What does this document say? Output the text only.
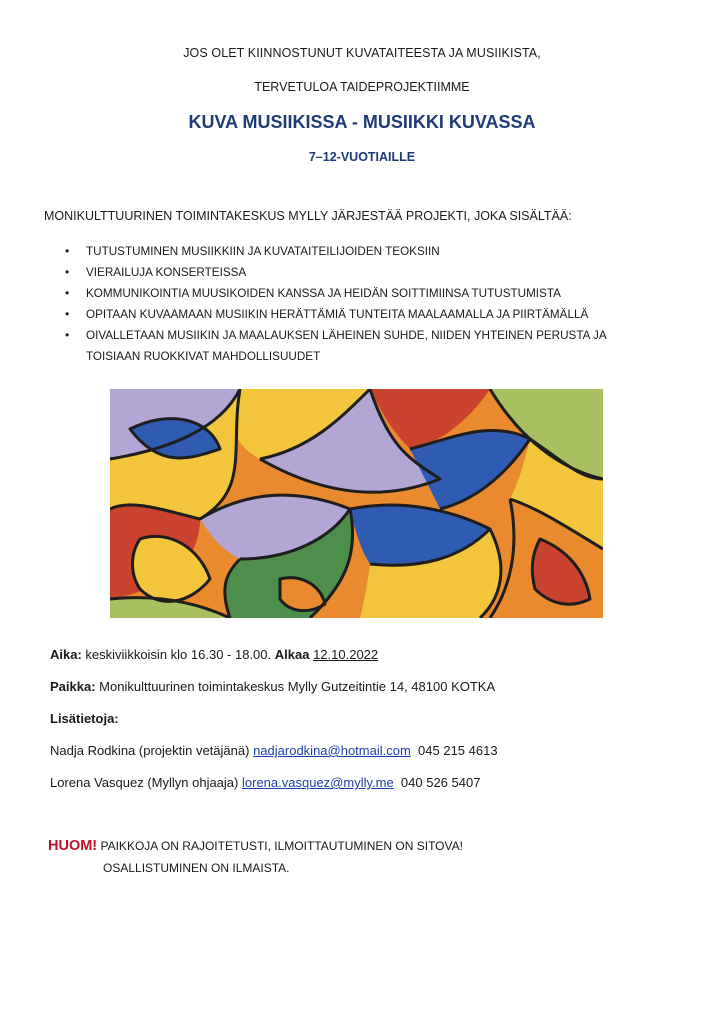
JOS OLET KIINNOSTUNUT KUVATAITEESTA JA MUSIIKISTA,
TERVETULOA TAIDEPROJEKTIIMME
KUVA MUSIIKISSA - MUSIIKKI KUVASSA
7–12-VUOTIAILLE
MONIKULTTUURINEN TOIMINTAKESKUS MYLLY JÄRJESTÄÄ PROJEKTI, JOKA SISÄLTÄÄ:
• TUTUSTUMINEN MUSIIKKIIN JA KUVATAITEILIJOIDEN TEOKSIIN
• VIERAILUJA KONSERTEISSA
• KOMMUNIKOINTIA MUUSIKOIDEN KANSSA JA HEIDÄN SOITTIMIINSA TUTUSTUMISTA
• OPITAAN KUVAAMAAN MUSIIKIN HERÄTTÄMIÄ TUNTEITA MAALAAMALLA JA PIIRTÄMÄLLÄ
• OIVALLETAAN MUSIIKIN JA MAALAUKSEN LÄHEINEN SUHDE, NIIDEN YHTEINEN PERUSTA JA
TOISIAAN RUOKKIVAT MAHDOLLISUUDET
Aika: keskiviikkoisin klo 16.30 - 18.00. Alkaa 12.10.2022
Paikka: Monikulttuurinen toimintakeskus Mylly Gutzeitintie 14, 48100 KOTKA
Lisätietoja:
Nadja Rodkina (projektin vetäjänä) nadjarodkina@hotmail.com 045 215 4613
Lorena Vasquez (Myllyn ohjaaja) lorena.vasquez@mylly.me 040 526 5407
HUOM! PAIKKOJA ON RAJOITETUSTI, ILMOITTAUTUMINEN ON SITOVA!
OSALLISTUMINEN ON ILMAISTA.
